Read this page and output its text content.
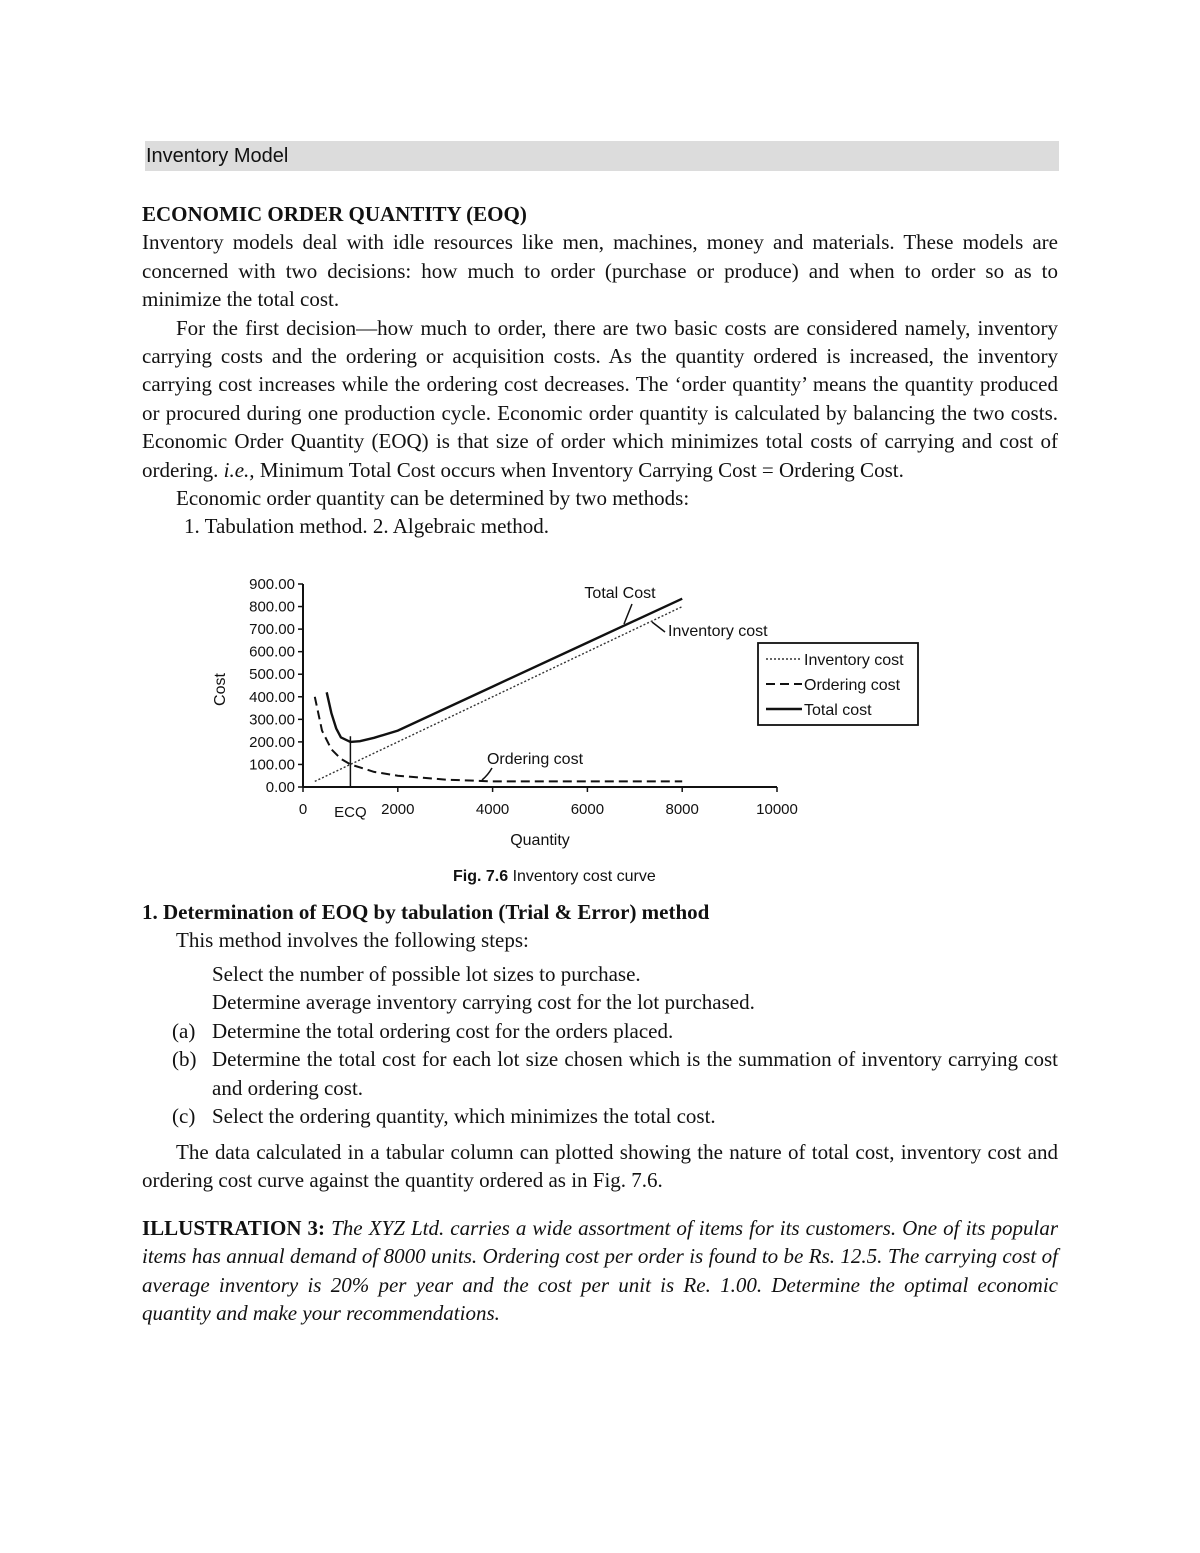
Inventory Model

ECONOMIC ORDER QUANTITY (EOQ)

Inventory models deal with idle resources like men, machines, money and materials. These models are concerned with two decisions: how much to order (purchase or produce) and when to order so as to minimize the total cost.

For the first decision—how much to order, there are two basic costs are considered namely, inventory carrying costs and the ordering or acquisition costs. As the quantity ordered is increased, the inventory carrying cost increases while the ordering cost decreases. The ‘order quantity’ means the quantity produced or procured during one production cycle. Economic order quantity is calculated by balancing the two costs. Economic Order Quantity (EOQ) is that size of order which minimizes total costs of carrying and cost of ordering. i.e., Minimum Total Cost occurs when Inventory Carrying Cost = Ordering Cost.

Economic order quantity can be determined by two methods:

1. Tabulation method. 2. Algebraic method.

0.00
100.00
200.00
300.00
400.00
500.00
600.00
700.00
800.00
900.00
0	2000	4000	6000	8000	10000
Quantity
Cost
ECQ
Total Cost
Inventory cost
Ordering cost
Inventory cost
Ordering cost
Total cost
Fig. 7.6 Inventory cost curve

1. Determination of EOQ by tabulation (Trial & Error) method

This method involves the following steps:

Select the number of possible lot sizes to purchase.
Determine average inventory carrying cost for the lot purchased.
(a) Determine the total ordering cost for the orders placed.
(b) Determine the total cost for each lot size chosen which is the summation of inventory carrying cost and ordering cost.
(c) Select the ordering quantity, which minimizes the total cost.

The data calculated in a tabular column can plotted showing the nature of total cost, inventory cost and ordering cost curve against the quantity ordered as in Fig. 7.6.

ILLUSTRATION 3: The XYZ Ltd. carries a wide assortment of items for its customers. One of its popular items has annual demand of 8000 units. Ordering cost per order is found to be Rs. 12.5. The carrying cost of average inventory is 20% per year and the cost per unit is Re. 1.00. Determine the optimal economic quantity and make your recommendations.
